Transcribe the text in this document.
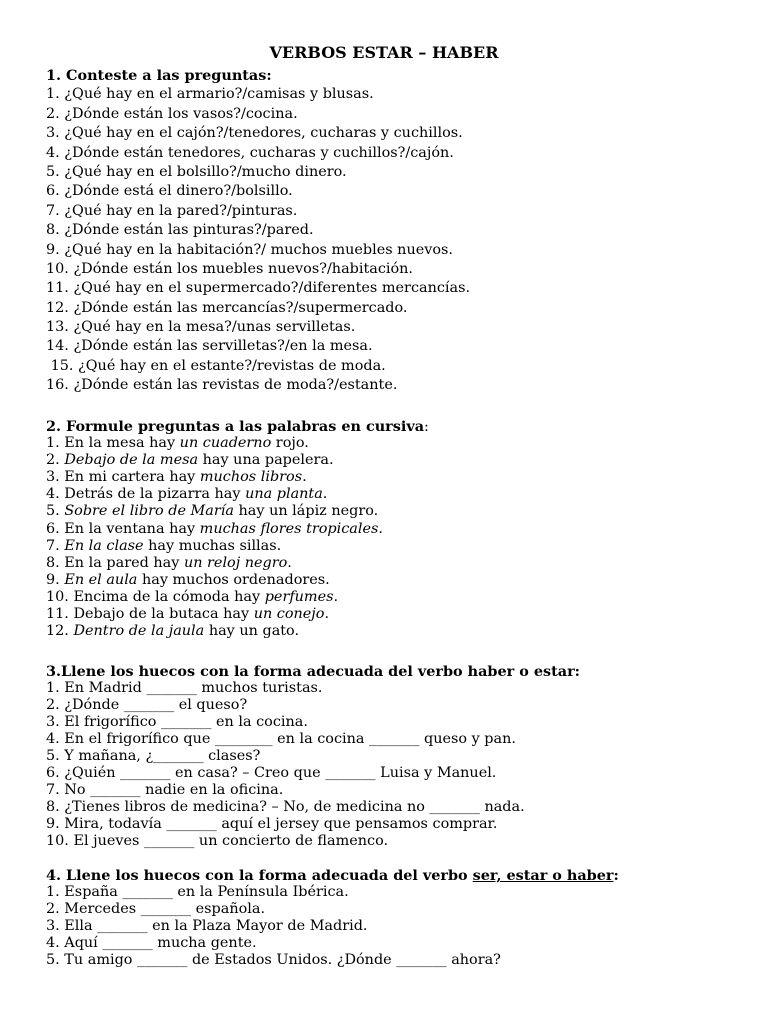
VERBOS ESTAR – HABER

1. Conteste a las preguntas:

1. ¿Qué hay en el armario?/camisas y blusas.

2. ¿Dónde están los vasos?/cocina.

3. ¿Qué hay en el cajón?/tenedores, cucharas y cuchillos.

4. ¿Dónde están tenedores, cucharas y cuchillos?/cajón.

5. ¿Qué hay en el bolsillo?/mucho dinero.

6. ¿Dónde está el dinero?/bolsillo.

7. ¿Qué hay en la pared?/pinturas.

8. ¿Dónde están las pinturas?/pared.

9. ¿Qué hay en la habitación?/ muchos muebles nuevos.

10. ¿Dónde están los muebles nuevos?/habitación.

11. ¿Qué hay en el supermercado?/diferentes mercancías.

12. ¿Dónde están las mercancías?/supermercado.

13. ¿Qué hay en la mesa?/unas servilletas.

14. ¿Dónde están las servilletas?/en la mesa.

15. ¿Qué hay en el estante?/revistas de moda.

16. ¿Dónde están las revistas de moda?/estante.

2. Formule preguntas a las palabras en cursiva:

1. En la mesa hay un cuaderno rojo.

2. Debajo de la mesa hay una papelera.

3. En mi cartera hay muchos libros.

4. Detrás de la pizarra hay una planta.

5. Sobre el libro de María hay un lápiz negro.

6. En la ventana hay muchas flores tropicales.

7. En la clase hay muchas sillas.

8. En la pared hay un reloj negro.

9. En el aula hay muchos ordenadores.

10. Encima de la cómoda hay perfumes.

11. Debajo de la butaca hay un conejo.

12. Dentro de la jaula hay un gato.

3.Llene los huecos con la forma adecuada del verbo haber o estar:

1. En Madrid _______ muchos turistas.

2. ¿Dónde _______ el queso?

3. El frigorífico _______ en la cocina.

4. En el frigorífico que ________ en la cocina _______ queso y pan.

5. Y mañana, ¿_______ clases?

6. ¿Quién _______ en casa? – Creo que _______ Luisa y Manuel.

7. No _______ nadie en la oficina.

8. ¿Tienes libros de medicina? – No, de medicina no _______ nada.

9. Mira, todavía _______ aquí el jersey que pensamos comprar.

10. El jueves _______ un concierto de flamenco.

4. Llene los huecos con la forma adecuada del verbo ser, estar o haber:

1. España _______ en la Península Ibérica.

2. Mercedes _______ española.

3. Ella _______ en la Plaza Mayor de Madrid.

4. Aquí _______ mucha gente.

5. Tu amigo _______ de Estados Unidos. ¿Dónde _______ ahora?
